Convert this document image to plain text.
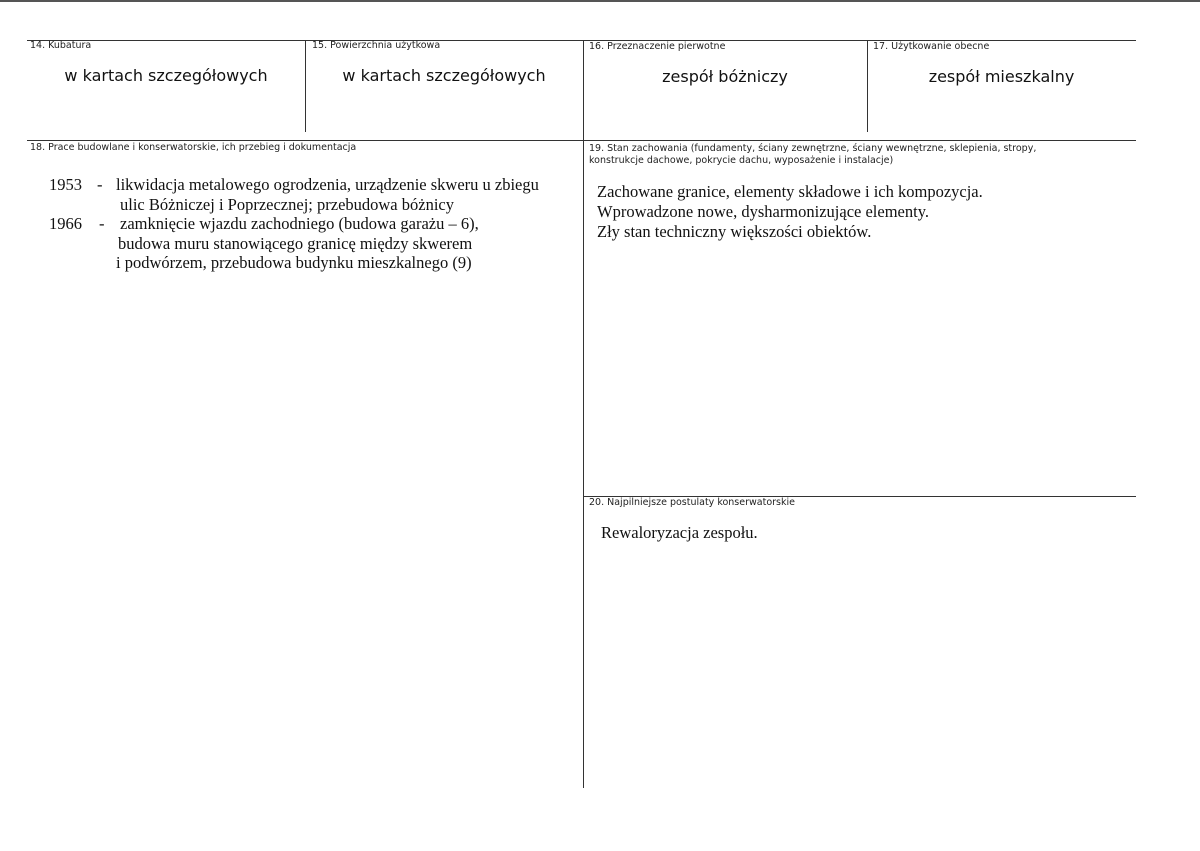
14. Kubatura
w kartach szczegółowych
15. Powierzchnia użytkowa
w kartach szczegółowych
16. Przeznaczenie pierwotne
zespół bóżniczy
17. Użytkowanie obecne
zespół mieszkalny
18. Prace budowlane i konserwatorskie, ich przebieg i dokumentacja
1953 - likwidacja metalowego ogrodzenia, urządzenie skweru u zbiegu
ulic Bóżniczej i Poprzecznej; przebudowa bóżnicy
1966 - zamknięcie wjazdu zachodniego (budowa garażu – 6),
budowa muru stanowiącego granicę między skwerem
i podwórzem, przebudowa budynku mieszkalnego (9)
19. Stan zachowania (fundamenty, ściany zewnętrzne, ściany wewnętrzne, sklepienia, stropy,
konstrukcje dachowe, pokrycie dachu, wyposażenie i instalacje)
Zachowane granice, elementy składowe i ich kompozycja.
Wprowadzone nowe, dysharmonizujące elementy.
Zły stan techniczny większości obiektów.
20. Najpilniejsze postulaty konserwatorskie
Rewaloryzacja zespołu.
